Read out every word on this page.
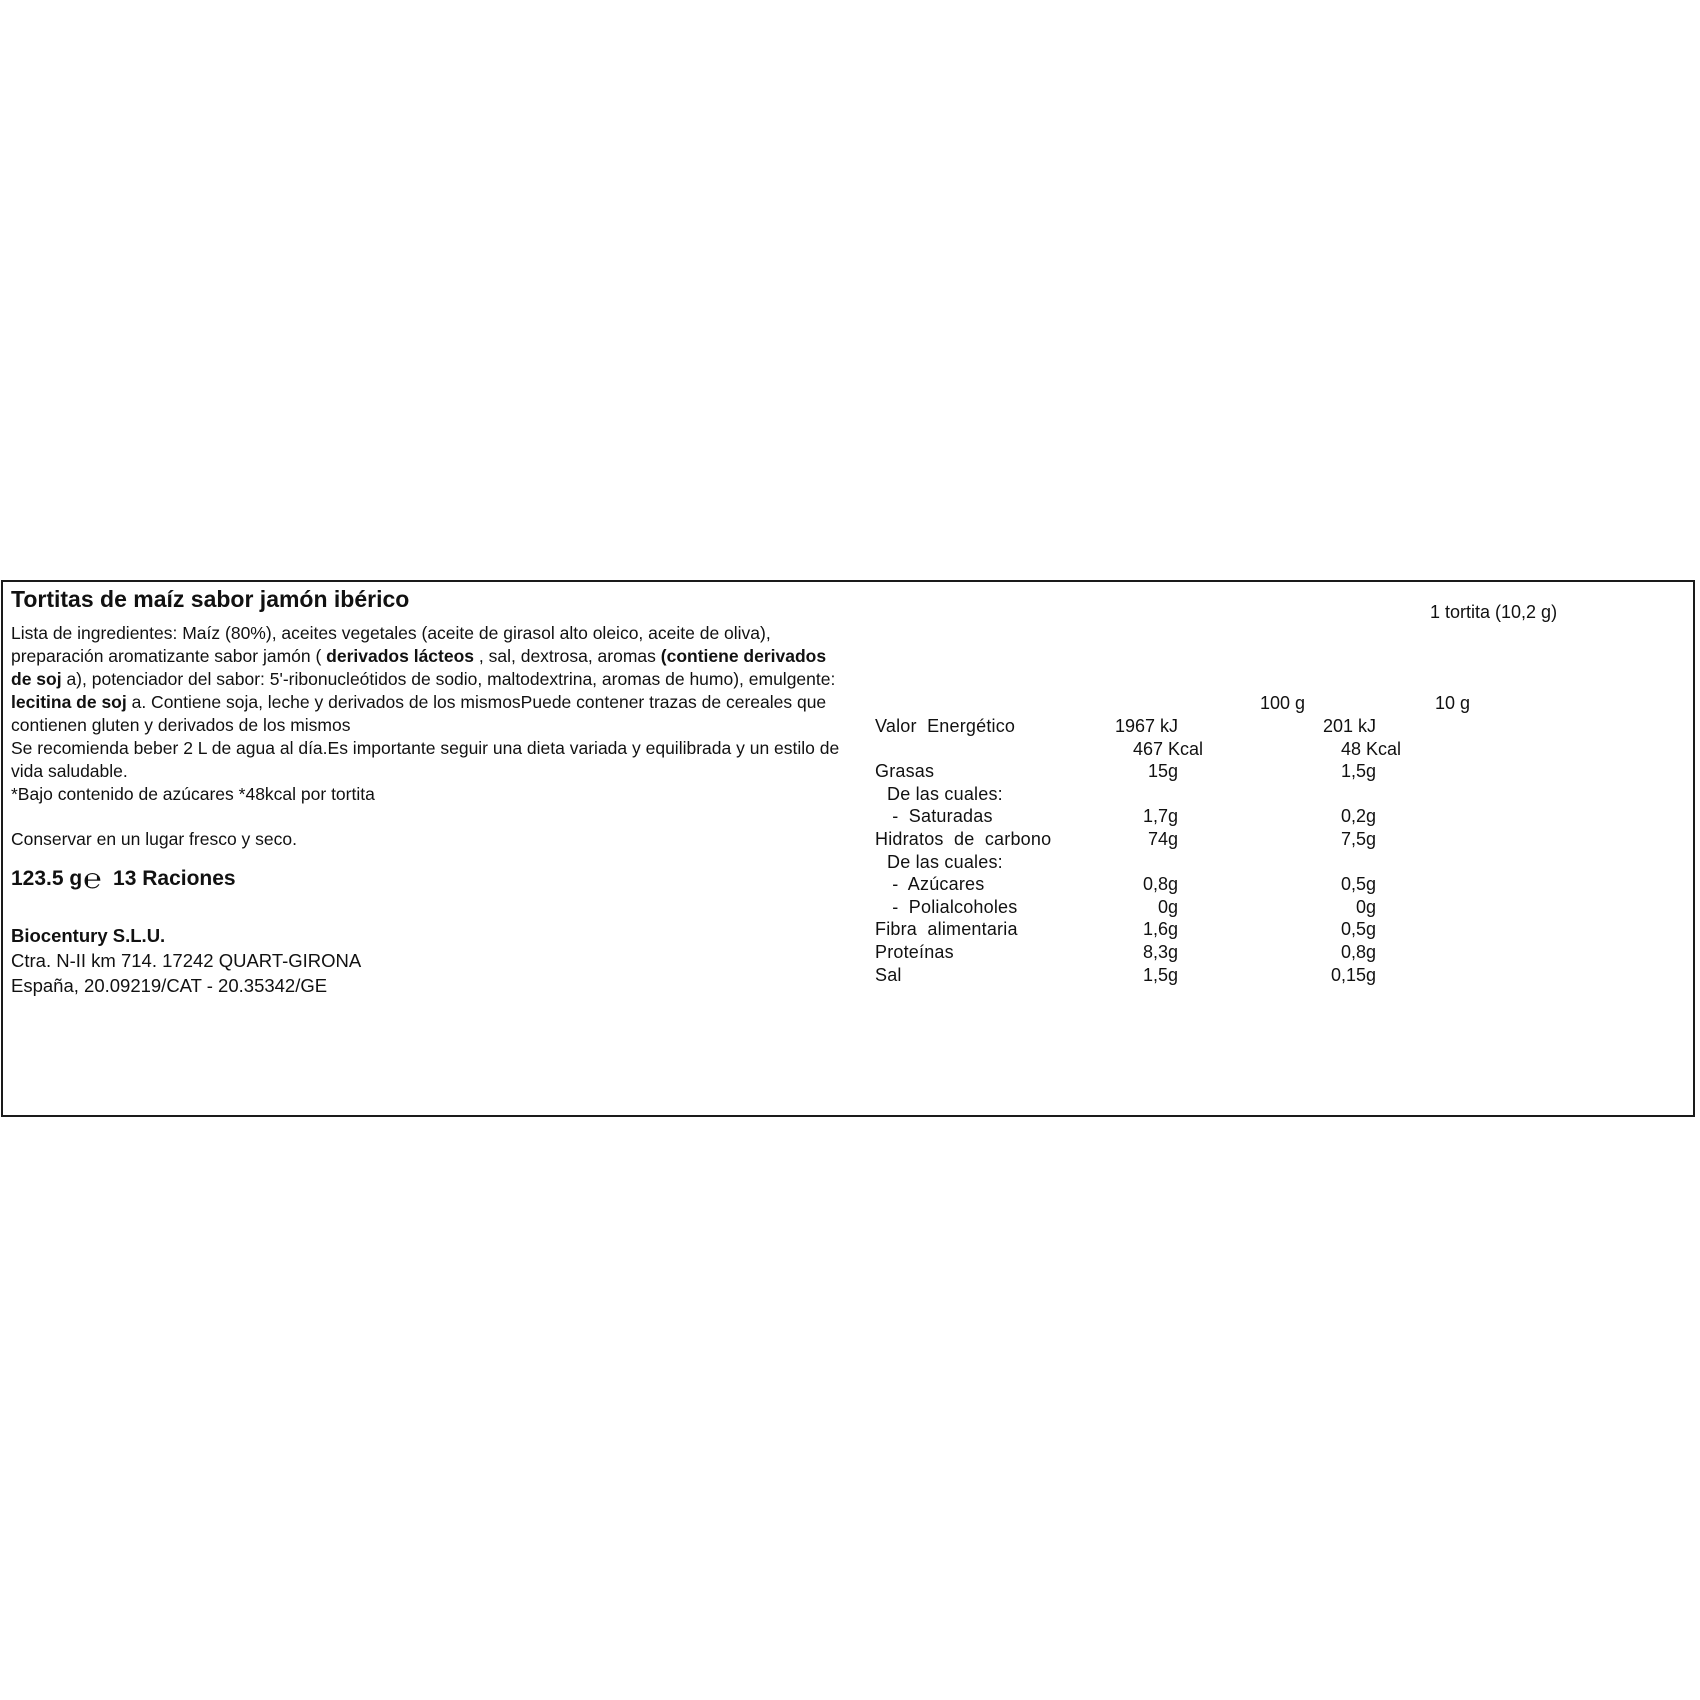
Tortitas de maíz sabor jamón ibérico

Lista de ingredientes: Maíz (80%), aceites vegetales (aceite de girasol alto oleico, aceite de oliva), preparación aromatizante sabor jamón ( derivados lácteos , sal, dextrosa, aromas (contiene derivados de soj a), potenciador del sabor: 5'-ribonucleótidos de sodio, maltodextrina, aromas de humo), emulgente: lecitina de soj a. Contiene soja, leche y derivados de los mismosPuede contener trazas de cereales que contienen gluten y derivados de los mismos

Se recomienda beber 2 L de agua al día.Es importante seguir una dieta variada y equilibrada y un estilo de vida saludable.

*Bajo contenido de azúcares *48kcal por tortita

Conservar en un lugar fresco y seco.

123.5 g ℮ 13 Raciones
Biocentury S.L.U.
Ctra. N-II km 714. 17242 QUART-GIRONA
España, 20.09219/CAT - 20.35342/GE
1 tortita (10,2 g)
100 g	10 g
Valor  Energético	1967 kJ	201 kJ
467 Kcal	48 Kcal
Grasas	15g	1,5g
De las cuales:
-  Saturadas	1,7g	0,2g
Hidratos  de  carbono	74g	7,5g
De las cuales:
-  Azúcares	0,8g	0,5g
-  Polialcoholes	0g	0g
Fibra  alimentaria	1,6g	0,5g
Proteínas	8,3g	0,8g
Sal	1,5g	0,15g
